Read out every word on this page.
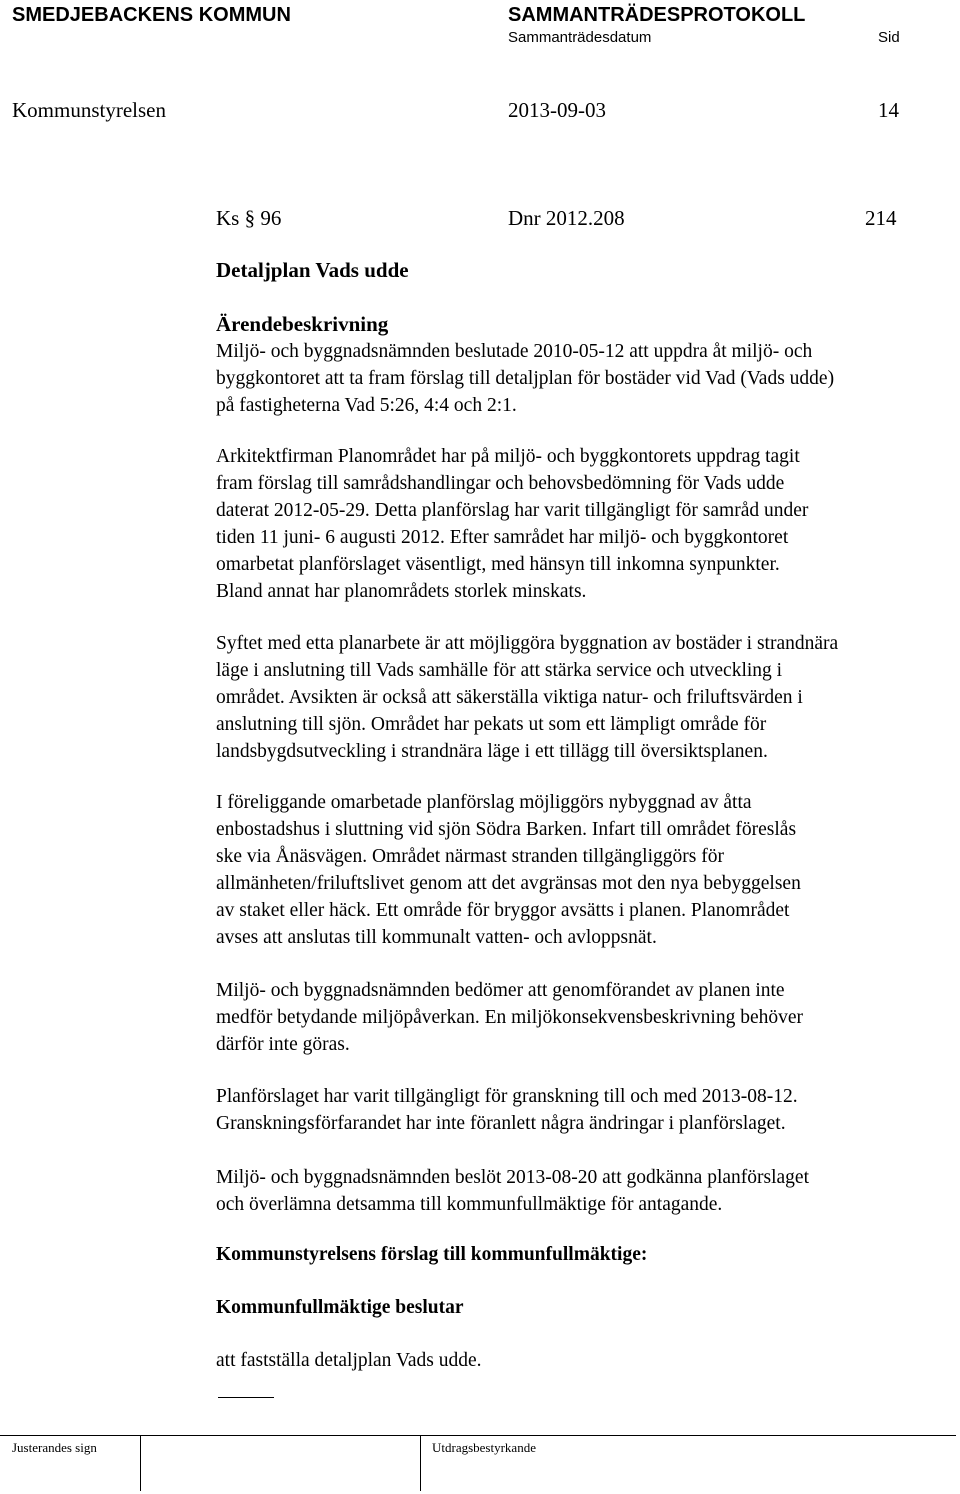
SMEDJEBACKENS KOMMUN	SAMMANTRÄDESPROTOKOLL
Sammanträdesdatum	Sid
Kommunstyrelsen	2013-09-03	14
Ks § 96	Dnr 2012.208	214
Detaljplan Vads udde
Ärendebeskrivning
Miljö- och byggnadsnämnden beslutade 2010-05-12 att uppdra åt miljö- och
byggkontoret att ta fram förslag till detaljplan för bostäder vid Vad (Vads udde)
på fastigheterna Vad 5:26, 4:4 och 2:1.
Arkitektfirman Planområdet har på miljö- och byggkontorets uppdrag tagit
fram förslag till samrådshandlingar och behovsbedömning för Vads udde
daterat 2012-05-29. Detta planförslag har varit tillgängligt för samråd under
tiden 11 juni- 6 augusti 2012. Efter samrådet har miljö- och byggkontoret
omarbetat planförslaget väsentligt, med hänsyn till inkomna synpunkter.
Bland annat har planområdets storlek minskats.
Syftet med etta planarbete är att möjliggöra byggnation av bostäder i strandnära
läge i anslutning till Vads samhälle för att stärka service och utveckling i
området. Avsikten är också att säkerställa viktiga natur- och friluftsvärden i
anslutning till sjön. Området har pekats ut som ett lämpligt område för
landsbygdsutveckling i strandnära läge i ett tillägg till översiktsplanen.
I föreliggande omarbetade planförslag möjliggörs nybyggnad av åtta
enbostadshus i sluttning vid sjön Södra Barken. Infart till området föreslås
ske via Ånäsvägen. Området närmast stranden tillgängliggörs för
allmänheten/friluftslivet genom att det avgränsas mot den nya bebyggelsen
av staket eller häck. Ett område för bryggor avsätts i planen. Planområdet
avses att anslutas till kommunalt vatten- och avloppsnät.
Miljö- och byggnadsnämnden bedömer att genomförandet av planen inte
medför betydande miljöpåverkan. En miljökonsekvensbeskrivning behöver
därför inte göras.
Planförslaget har varit tillgängligt för granskning till och med 2013-08-12.
Granskningsförfarandet har inte föranlett några ändringar i planförslaget.
Miljö- och byggnadsnämnden beslöt 2013-08-20 att godkänna planförslaget
och överlämna detsamma till kommunfullmäktige för antagande.
Kommunstyrelsens förslag till kommunfullmäktige:
Kommunfullmäktige beslutar
att fastställa detaljplan Vads udde.
Justerandes sign	Utdragsbestyrkande
